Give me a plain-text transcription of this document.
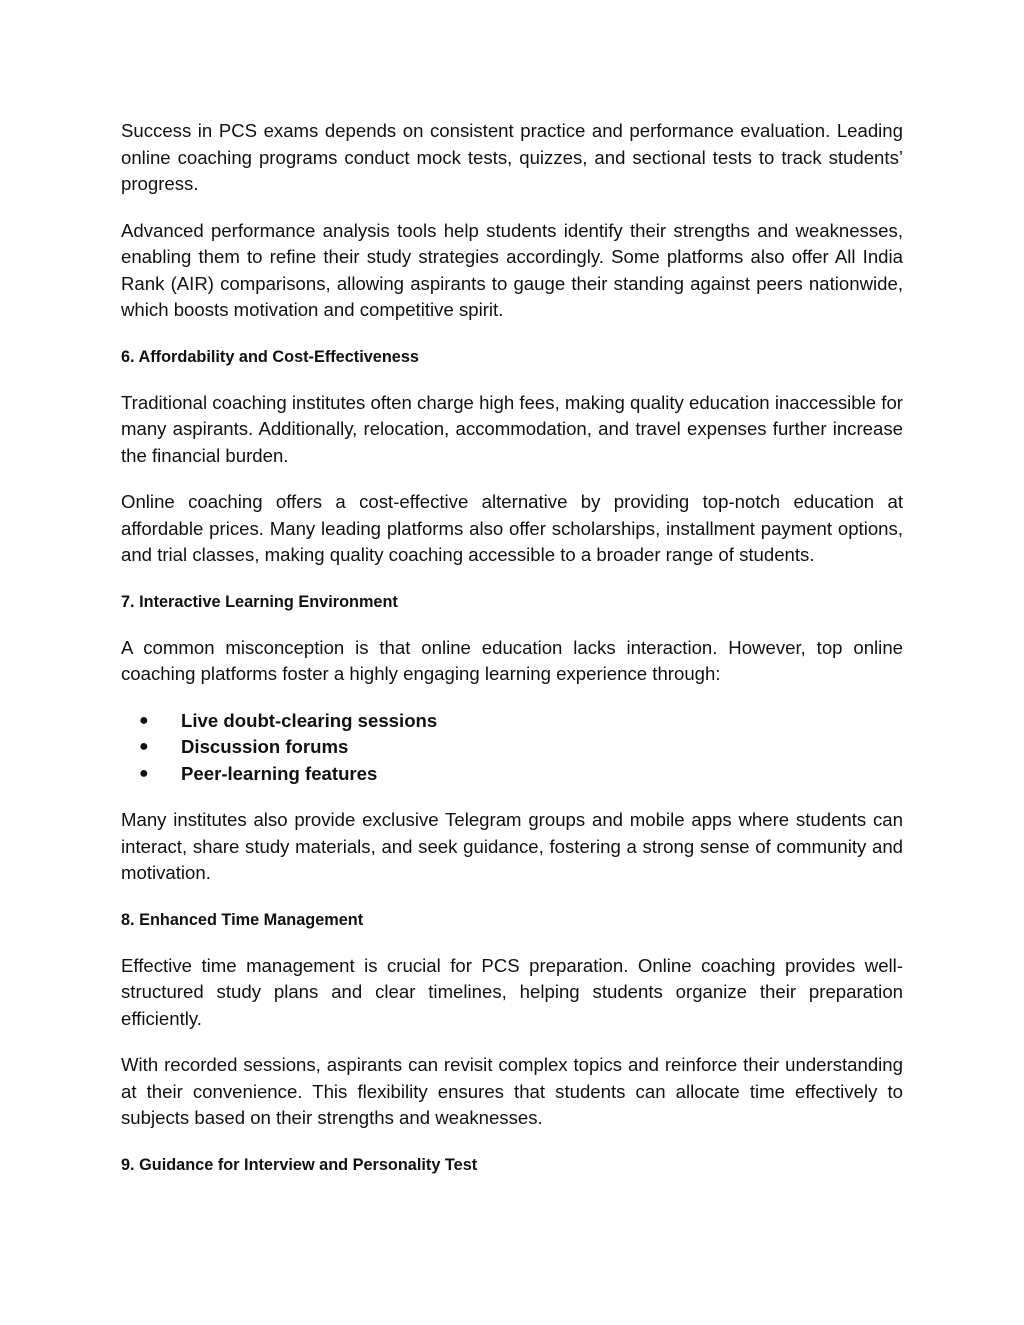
Success in PCS exams depends on consistent practice and performance evaluation. Leading online coaching programs conduct mock tests, quizzes, and sectional tests to track students’ progress.

Advanced performance analysis tools help students identify their strengths and weaknesses, enabling them to refine their study strategies accordingly. Some platforms also offer All India Rank (AIR) comparisons, allowing aspirants to gauge their standing against peers nationwide, which boosts motivation and competitive spirit.

6. Affordability and Cost-Effectiveness

Traditional coaching institutes often charge high fees, making quality education inaccessible for many aspirants. Additionally, relocation, accommodation, and travel expenses further increase the financial burden.

Online coaching offers a cost-effective alternative by providing top-notch education at affordable prices. Many leading platforms also offer scholarships, installment payment options, and trial classes, making quality coaching accessible to a broader range of students.

7. Interactive Learning Environment

A common misconception is that online education lacks interaction. However, top online coaching platforms foster a highly engaging learning experience through:

● Live doubt-clearing sessions
● Discussion forums
● Peer-learning features

Many institutes also provide exclusive Telegram groups and mobile apps where students can interact, share study materials, and seek guidance, fostering a strong sense of community and motivation.

8. Enhanced Time Management

Effective time management is crucial for PCS preparation. Online coaching provides well-structured study plans and clear timelines, helping students organize their preparation efficiently.

With recorded sessions, aspirants can revisit complex topics and reinforce their understanding at their convenience. This flexibility ensures that students can allocate time effectively to subjects based on their strengths and weaknesses.

9. Guidance for Interview and Personality Test
